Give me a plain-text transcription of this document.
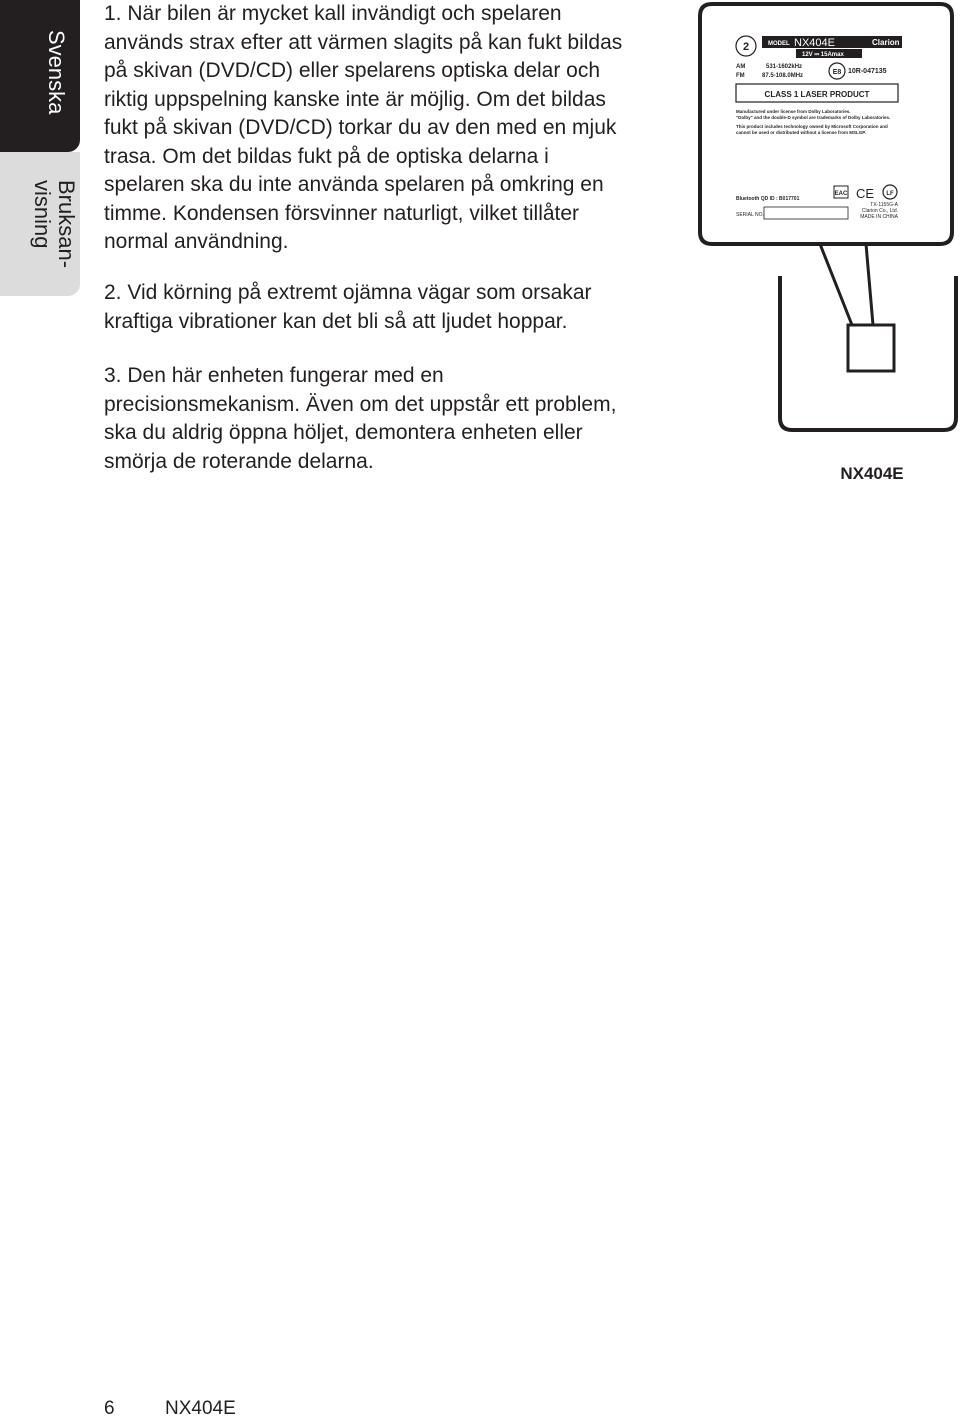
Svenska
Bruksan-
visning

1. När bilen är mycket kall invändigt och spelaren används strax efter att värmen slagits på kan fukt bildas på skivan (DVD/CD) eller spelarens optiska delar och riktig uppspelning kanske inte är möjlig. Om det bildas fukt på skivan (DVD/CD) torkar du av den med en mjuk trasa. Om det bildas fukt på de optiska delarna i spelaren ska du inte använda spelaren på omkring en timme. Kondensen försvinner naturligt, vilket tillåter normal användning.

2. Vid körning på extremt ojämna vägar som orsakar kraftiga vibrationer kan det bli så att ljudet hoppar.

3. Den här enheten fungerar med en precisionsmekanism. Även om det uppstår ett problem, ska du aldrig öppna höljet, demontera enheten eller smörja de roterande delarna.

2	MODEL NX404E	Clarion
12V ⎓ 15Amax
AM	531-1602kHz
FM	87.5-108.0MHz	E8 10R-047135
CLASS 1 LASER PRODUCT
Manufactured under license from Dolby Laboratories.
"Dolby" and the double-D symbol are trademarks of Dolby Laboratories.
This product includes technology owned by Microsoft Corporation and
cannot be used or distributed without a license from MSLGP.
EAC CE LF
Bluetooth QD ID : B017701
SERIAL NO.
TX-1155G-A
Clarion Co., Ltd.
MADE IN CHINA
NX404E
6	NX404E
